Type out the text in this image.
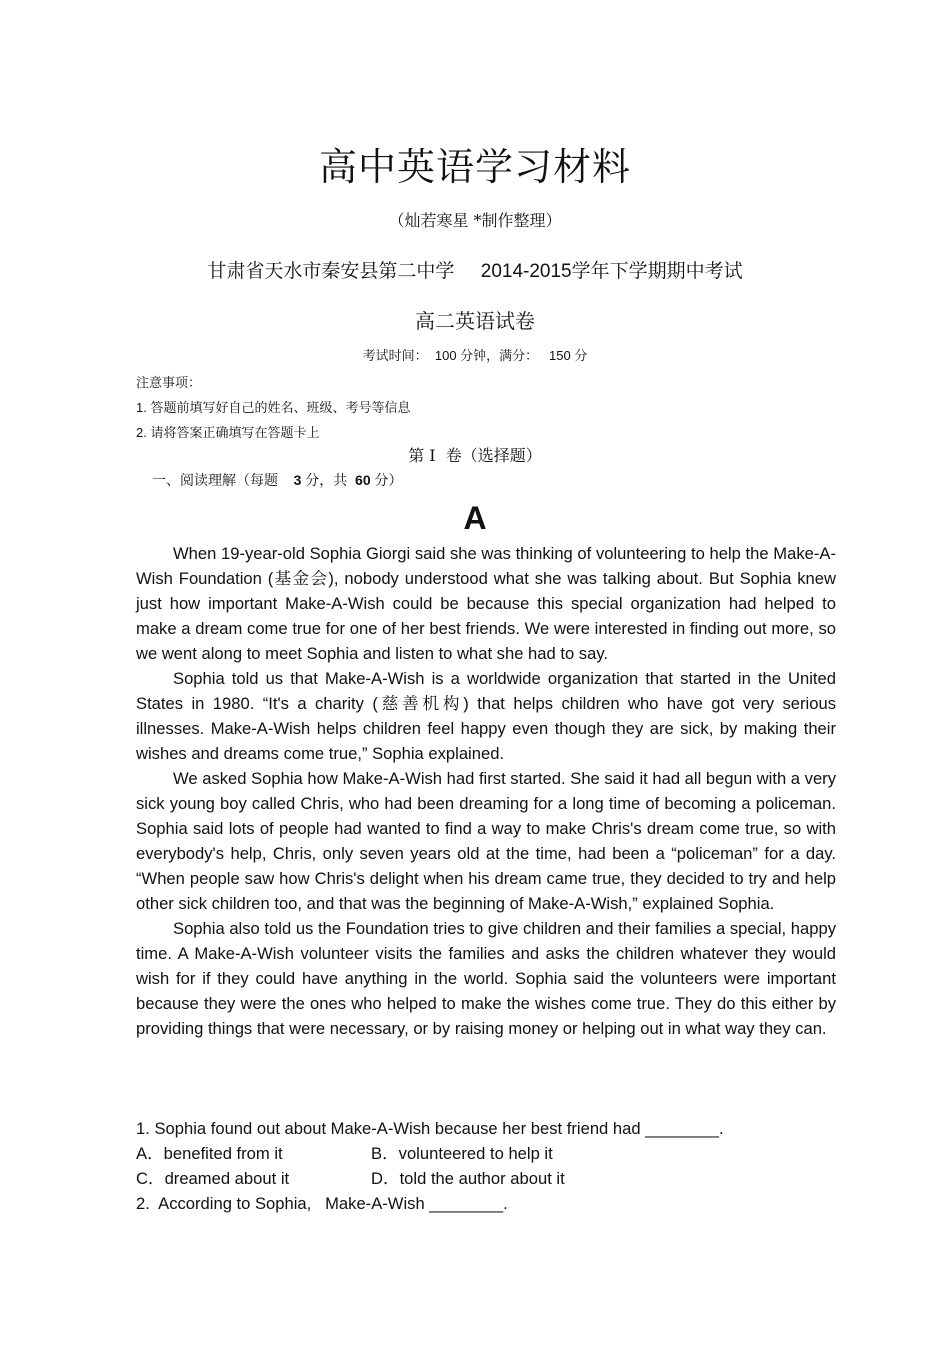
高中英语学习材料
（灿若寒星 *制作整理）
甘肃省天水市秦安县第二中学     2014-2015学年下学期期中考试
高二英语试卷
考试时间：  100 分钟，满分：   150 分
注意事项：
1. 答题前填写好自己的姓名、班级、考号等信息
2. 请将答案正确填写在答题卡上
第 I  卷（选择题）
一、阅读理解（每题    3 分，共  60 分）
A

When 19-year-old Sophia Giorgi said she was thinking of volunteering to help the Make-A-Wish Foundation (基金会), nobody understood what she was talking about. But Sophia knew just how important Make-A-Wish could be because this special organization had helped to make a dream come true for one of her best friends. We were interested in finding out more, so we went along to meet Sophia and listen to what she had to say.

Sophia told us that Make-A-Wish is a worldwide organization that started in the United States in 1980. “It's a charity (慈善机构) that helps children who have got very serious illnesses. Make-A-Wish helps children feel happy even though they are sick, by making their wishes and dreams come true,” Sophia explained.

We asked Sophia how Make-A-Wish had first started. She said it had all begun with a very sick young boy called Chris, who had been dreaming for a long time of becoming a policeman. Sophia said lots of people had wanted to find a way to make Chris's dream come true, so with everybody's help, Chris, only seven years old at the time, had been a “policeman” for a day. “When people saw how Chris's delight when his dream came true, they decided to try and help other sick children too, and that was the beginning of Make-A-Wish,” explained Sophia.

Sophia also told us the Foundation tries to give children and their families a special, happy time. A Make-A-Wish volunteer visits the families and asks the children whatever they would wish for if they could have anything in the world. Sophia said the volunteers were important because they were the ones who helped to make the wishes come true. They do this either by providing things that were necessary, or by raising money or helping out in what way they can.

1. Sophia found out about Make-A-Wish because her best friend had ________.
A．benefited from it	B．volunteered to help it
C．dreamed about it	D．told the author about it
2.  According to Sophia,   Make-A-Wish ________.
